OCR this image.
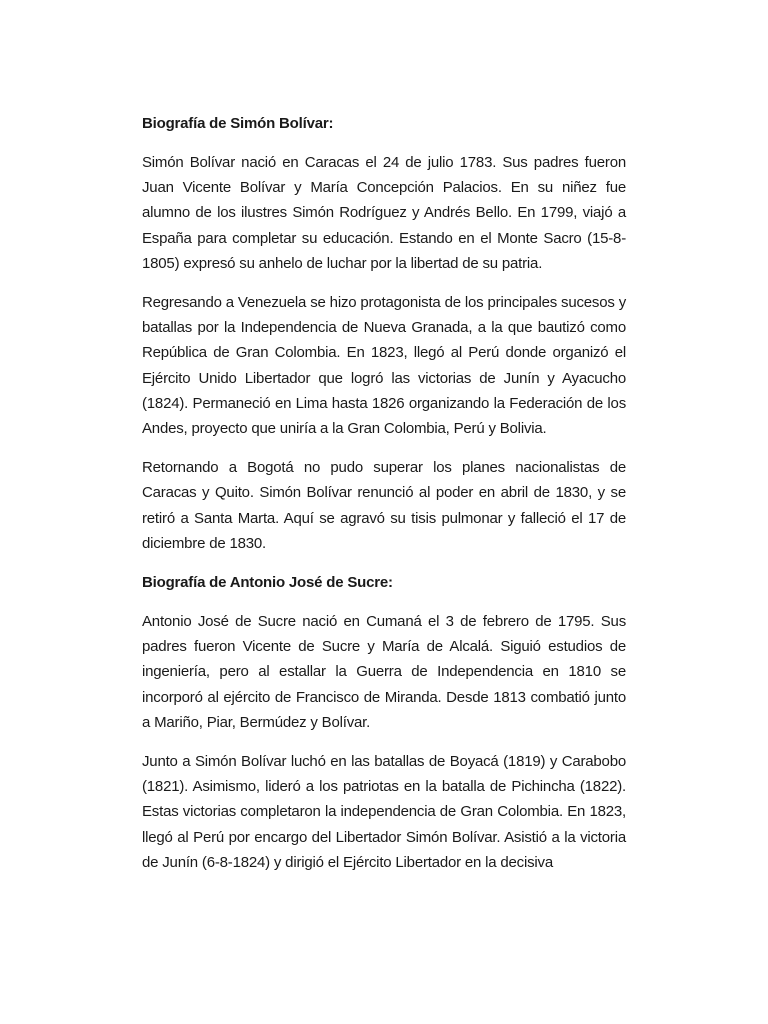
Biografía de Simón Bolívar:

Simón Bolívar nació en Caracas el 24 de julio 1783. Sus padres fueron Juan Vicente Bolívar y María Concepción Palacios. En su niñez fue alumno de los ilustres Simón Rodríguez y Andrés Bello. En 1799, viajó a España para completar su educación. Estando en el Monte Sacro (15-8-1805) expresó su anhelo de luchar por la libertad de su patria.

Regresando a Venezuela se hizo protagonista de los principales sucesos y batallas por la Independencia de Nueva Granada, a la que bautizó como República de Gran Colombia. En 1823, llegó al Perú donde organizó el Ejército Unido Libertador que logró las victorias de Junín y Ayacucho (1824). Permaneció en Lima hasta 1826 organizando la Federación de los Andes, proyecto que uniría a la Gran Colombia, Perú y Bolivia.

Retornando a Bogotá no pudo superar los planes nacionalistas de Caracas y Quito. Simón Bolívar renunció al poder en abril de 1830, y se retiró a Santa Marta. Aquí se agravó su tisis pulmonar y falleció el 17 de diciembre de 1830.

Biografía de Antonio José de Sucre:

Antonio José de Sucre nació en Cumaná el 3 de febrero de 1795. Sus padres fueron Vicente de Sucre y María de Alcalá. Siguió estudios de ingeniería, pero al estallar la Guerra de Independencia en 1810 se incorporó al ejército de Francisco de Miranda. Desde 1813 combatió junto a Mariño, Piar, Bermúdez y Bolívar.

Junto a Simón Bolívar luchó en las batallas de Boyacá (1819) y Carabobo (1821). Asimismo, lideró a los patriotas en la batalla de Pichincha (1822). Estas victorias completaron la independencia de Gran Colombia. En 1823, llegó al Perú por encargo del Libertador Simón Bolívar. Asistió a la victoria de Junín (6-8-1824) y dirigió el Ejército Libertador en la decisiva
